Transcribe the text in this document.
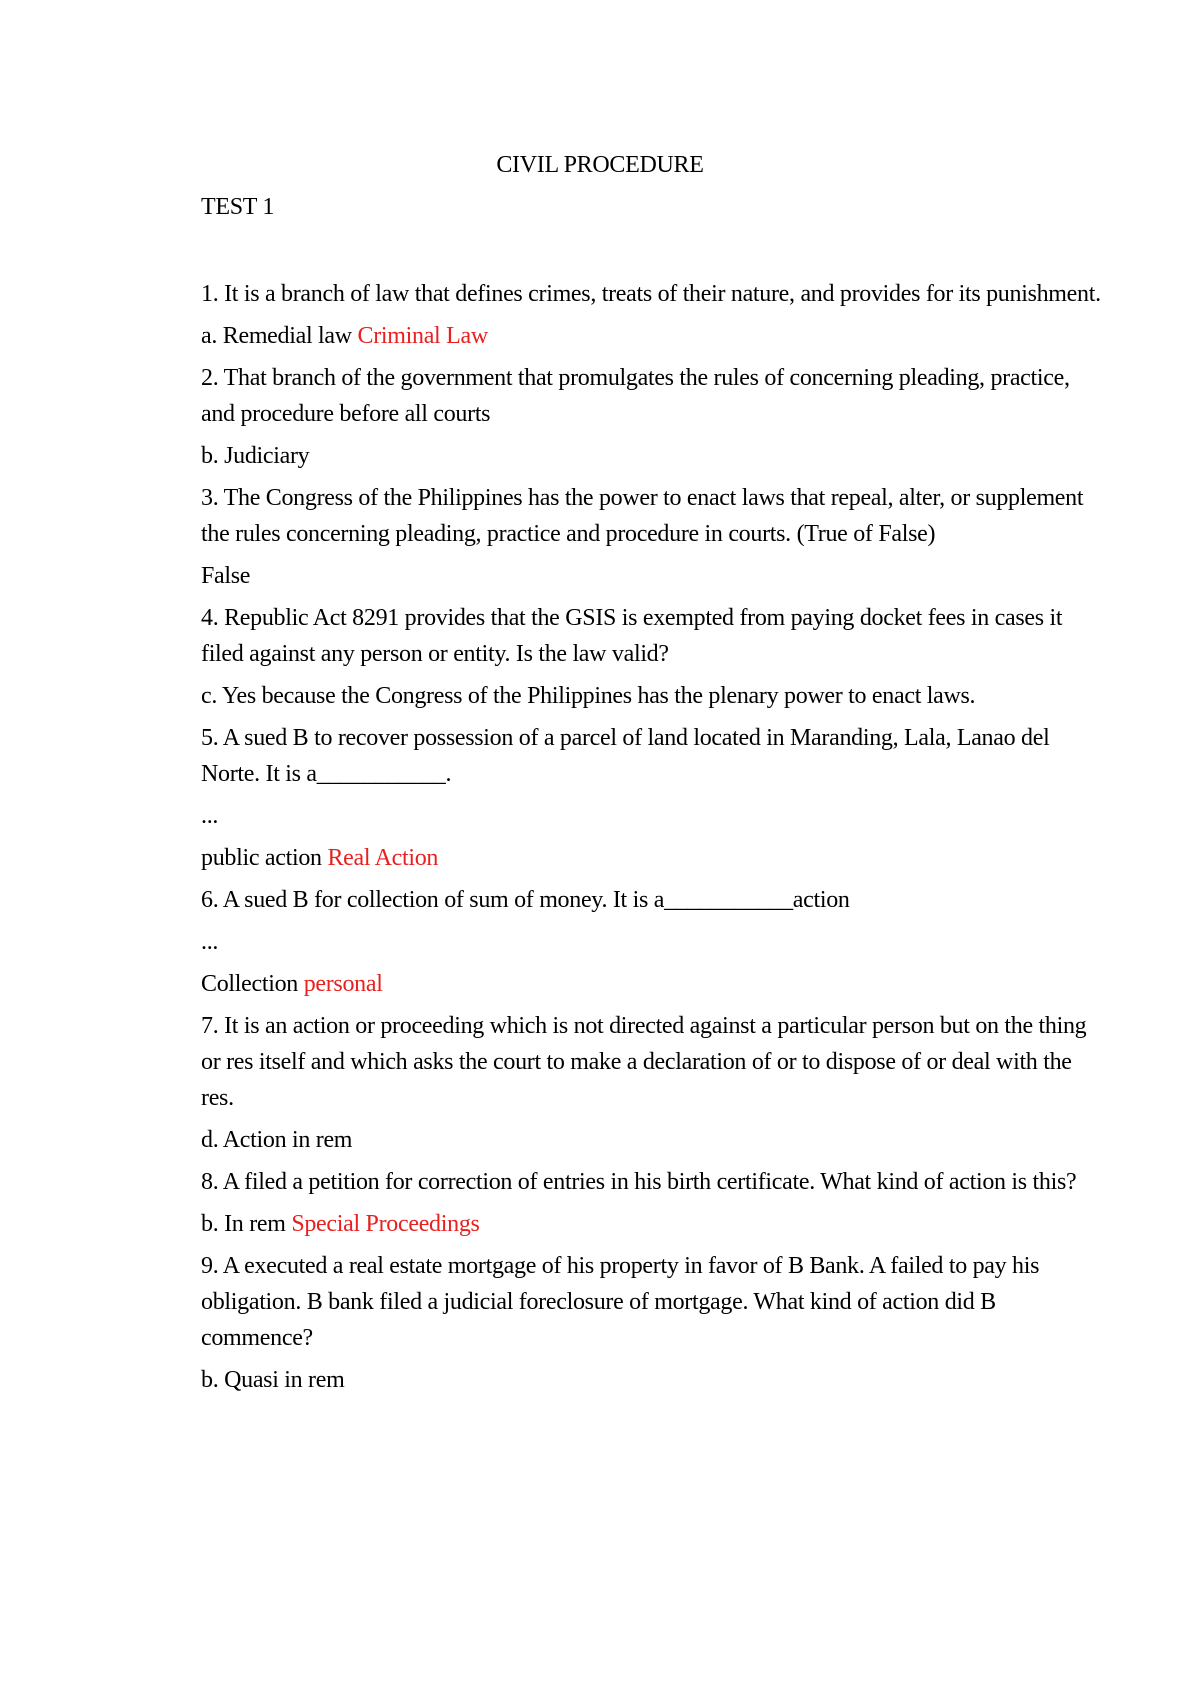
CIVIL PROCEDURE
TEST 1

1. It is a branch of law that defines crimes, treats of their nature, and provides for its punishment.

a. Remedial law Criminal Law

2. That branch of the government that promulgates the rules of concerning pleading, practice, and procedure before all courts

b. Judiciary

3. The Congress of the Philippines has the power to enact laws that repeal, alter, or supplement the rules concerning pleading, practice and procedure in courts. (True of False)

False

4. Republic Act 8291 provides that the GSIS is exempted from paying docket fees in cases it filed against any person or entity. Is the law valid?

c. Yes because the Congress of the Philippines has the plenary power to enact laws.

5. A sued B to recover possession of a parcel of land located in Maranding, Lala, Lanao del Norte. It is a___________.

...

public action Real Action

6. A sued B for collection of sum of money. It is a___________action

...

Collection personal

7. It is an action or proceeding which is not directed against a particular person but on the thing or res itself and which asks the court to make a declaration of or to dispose of or deal with the res.

d. Action in rem

8. A filed a petition for correction of entries in his birth certificate. What kind of action is this?

b. In rem Special Proceedings

9. A executed a real estate mortgage of his property in favor of B Bank. A failed to pay his obligation. B bank filed a judicial foreclosure of mortgage. What kind of action did B commence?

b. Quasi in rem
